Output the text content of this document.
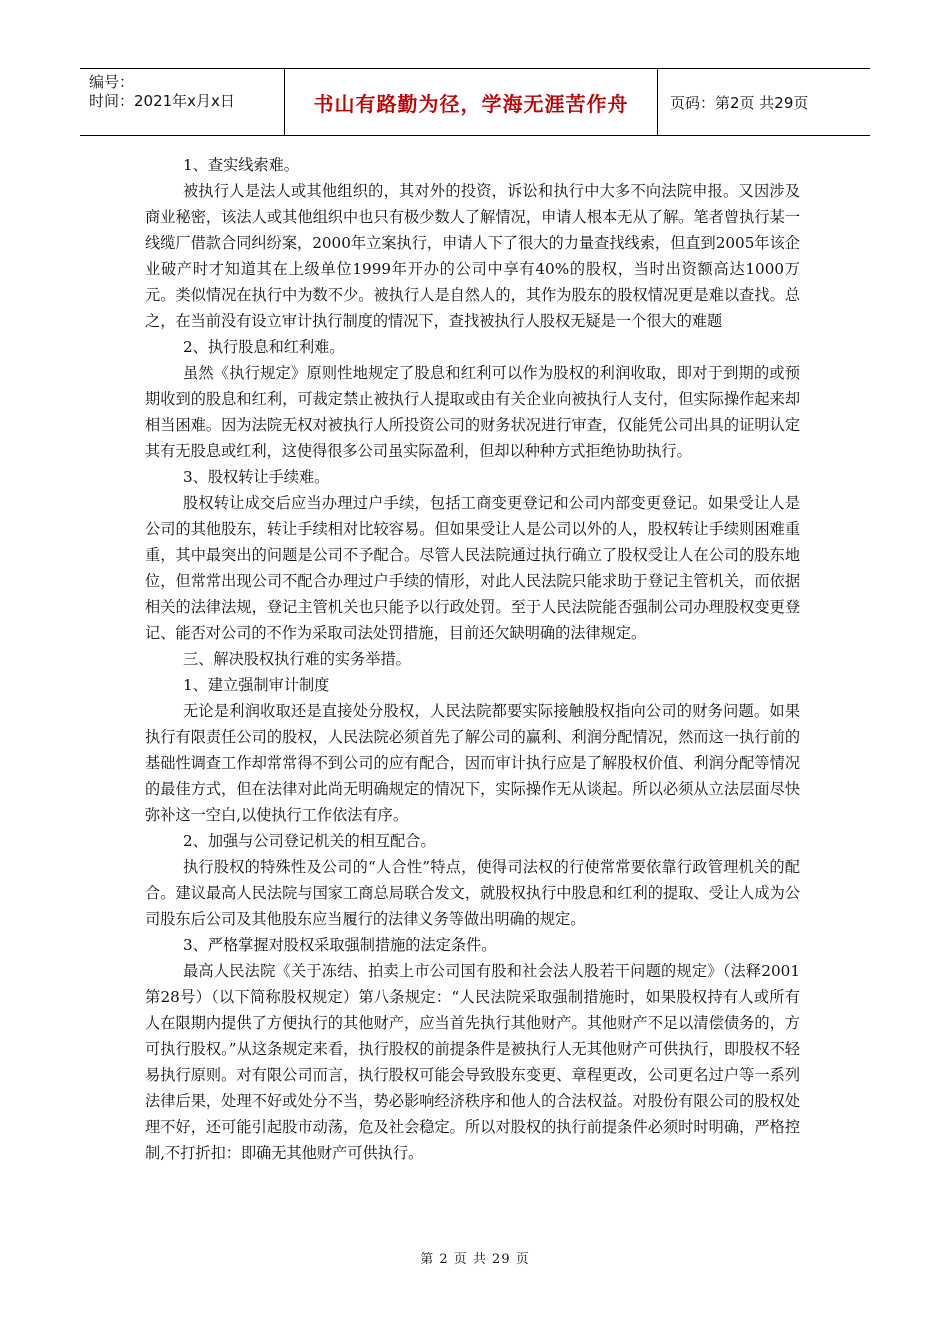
编号：
时间：2021年x月x日	书山有路勤为径，学海无涯苦作舟	页码：第2页 共29页

1、查实线索难。

被执行人是法人或其他组织的，其对外的投资，诉讼和执行中大多不向法院申报。又因涉及商业秘密，该法人或其他组织中也只有极少数人了解情况，申请人根本无从了解。笔者曾执行某一线缆厂借款合同纠纷案，2000年立案执行，申请人下了很大的力量查找线索，但直到2005年该企业破产时才知道其在上级单位1999年开办的公司中享有40%的股权，当时出资额高达1000万元。类似情况在执行中为数不少。被执行人是自然人的，其作为股东的股权情况更是难以查找。总之，在当前没有设立审计执行制度的情况下，查找被执行人股权无疑是一个很大的难题

2、执行股息和红利难。

虽然《执行规定》原则性地规定了股息和红利可以作为股权的利润收取，即对于到期的或预期收到的股息和红利，可裁定禁止被执行人提取或由有关企业向被执行人支付，但实际操作起来却相当困难。因为法院无权对被执行人所投资公司的财务状况进行审查，仅能凭公司出具的证明认定其有无股息或红利，这使得很多公司虽实际盈利，但却以种种方式拒绝协助执行。

3、股权转让手续难。

股权转让成交后应当办理过户手续，包括工商变更登记和公司内部变更登记。如果受让人是公司的其他股东，转让手续相对比较容易。但如果受让人是公司以外的人，股权转让手续则困难重重，其中最突出的问题是公司不予配合。尽管人民法院通过执行确立了股权受让人在公司的股东地位，但常常出现公司不配合办理过户手续的情形，对此人民法院只能求助于登记主管机关，而依据相关的法律法规，登记主管机关也只能予以行政处罚。至于人民法院能否强制公司办理股权变更登记、能否对公司的不作为采取司法处罚措施，目前还欠缺明确的法律规定。

三、解决股权执行难的实务举措。

1、建立强制审计制度

无论是利润收取还是直接处分股权，人民法院都要实际接触股权指向公司的财务问题。如果执行有限责任公司的股权，人民法院必须首先了解公司的赢利、利润分配情况，然而这一执行前的基础性调查工作却常常得不到公司的应有配合，因而审计执行应是了解股权价值、利润分配等情况的最佳方式，但在法律对此尚无明确规定的情况下，实际操作无从谈起。所以必须从立法层面尽快弥补这一空白,以使执行工作依法有序。

2、加强与公司登记机关的相互配合。

执行股权的特殊性及公司的“人合性”特点，使得司法权的行使常常要依靠行政管理机关的配合。建议最高人民法院与国家工商总局联合发文，就股权执行中股息和红利的提取、受让人成为公司股东后公司及其他股东应当履行的法律义务等做出明确的规定。

3、严格掌握对股权采取强制措施的法定条件。

最高人民法院《关于冻结、拍卖上市公司国有股和社会法人股若干问题的规定》（法释2001第28号）（以下简称股权规定）第八条规定：“人民法院采取强制措施时，如果股权持有人或所有人在限期内提供了方便执行的其他财产，应当首先执行其他财产。其他财产不足以清偿债务的，方可执行股权。”从这条规定来看，执行股权的前提条件是被执行人无其他财产可供执行，即股权不轻易执行原则。对有限公司而言，执行股权可能会导致股东变更、章程更改，公司更名过户等一系列法律后果，处理不好或处分不当，势必影响经济秩序和他人的合法权益。对股份有限公司的股权处理不好，还可能引起股市动荡，危及社会稳定。所以对股权的执行前提条件必须时时明确，严格控制,不打折扣：即确无其他财产可供执行。

第 2 页 共 29 页
